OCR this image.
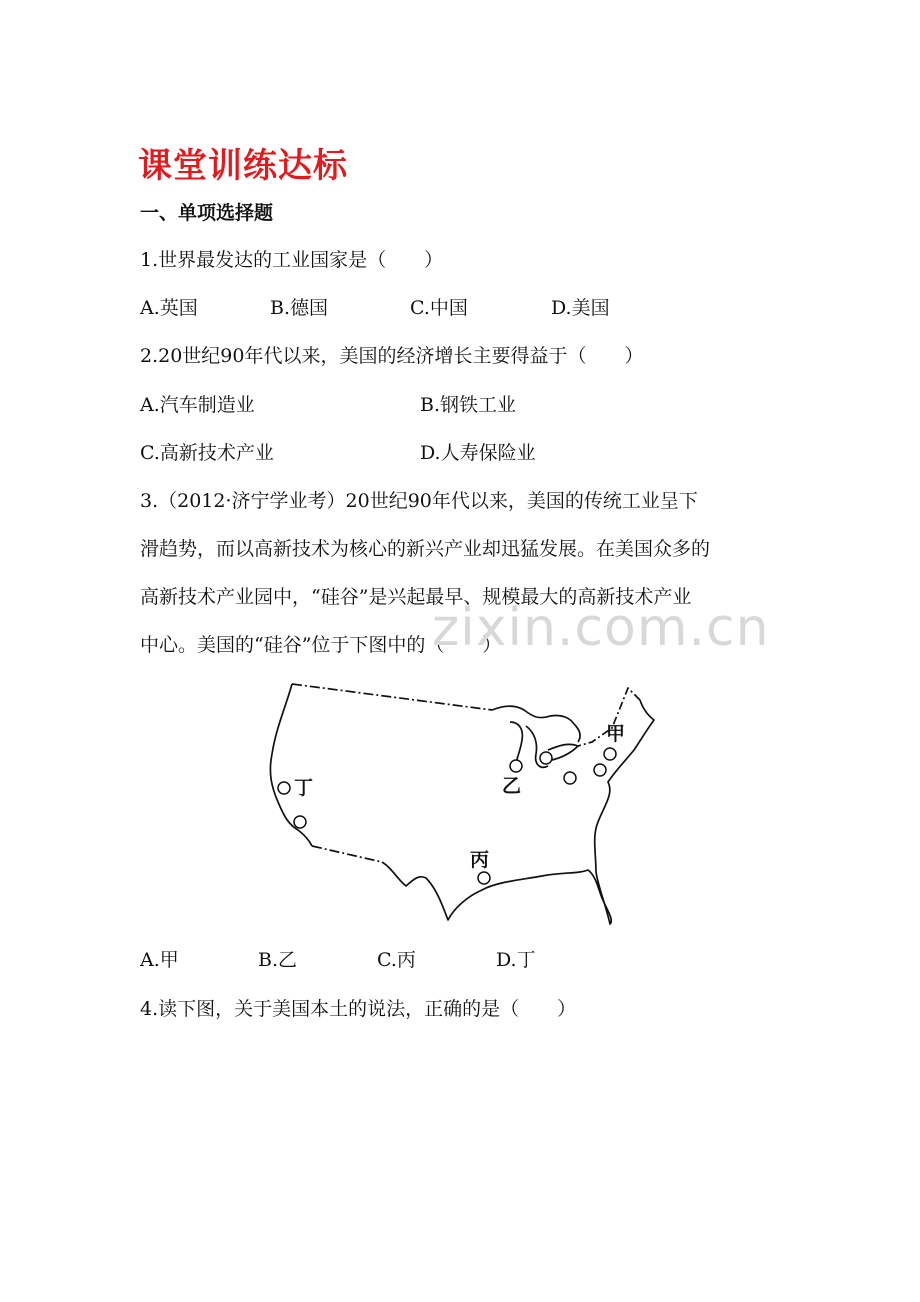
课堂训练达标
一、单项选择题
1.世界最发达的工业国家是（　　）
A.英国	B.德国	C.中国	D.美国
2.20世纪90年代以来，美国的经济增长主要得益于（　　）
A.汽车制造业	B.钢铁工业
C.高新技术产业	D.人寿保险业
3.（2012·济宁学业考）20世纪90年代以来，美国的传统工业呈下
滑趋势，而以高新技术为核心的新兴产业却迅猛发展。在美国众多的
高新技术产业园中，“硅谷”是兴起最早、规模最大的高新技术产业
中心。美国的“硅谷”位于下图中的（　　）
zixin.com.cn
甲
乙
丙
丁
A.甲	B.乙	C.丙	D.丁
4.读下图，关于美国本土的说法，正确的是（　　）
